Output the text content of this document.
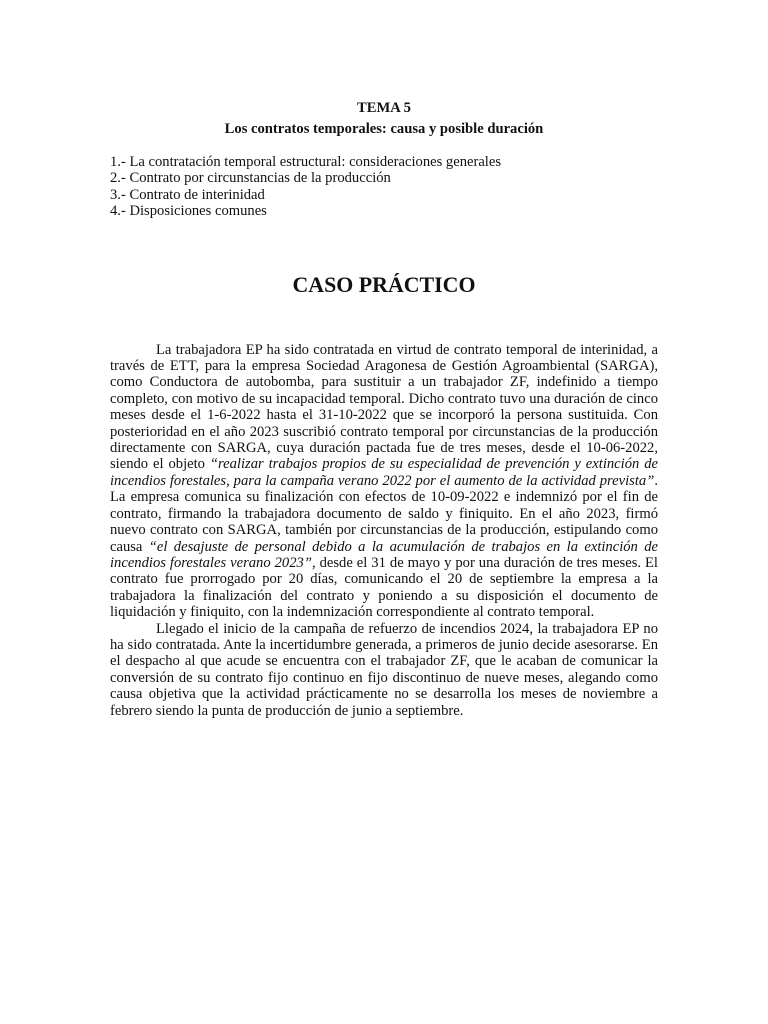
TEMA 5
Los contratos temporales: causa y posible duración
1.- La contratación temporal estructural: consideraciones generales
2.- Contrato por circunstancias de la producción
3.- Contrato de interinidad
4.- Disposiciones comunes
CASO PRÁCTICO

La trabajadora EP ha sido contratada en virtud de contrato temporal de interinidad, a través de ETT, para la empresa Sociedad Aragonesa de Gestión Agroambiental (SARGA), como Conductora de autobomba, para sustituir a un trabajador ZF, indefinido a tiempo completo, con motivo de su incapacidad temporal. Dicho contrato tuvo una duración de cinco meses desde el 1-6-2022 hasta el 31-10-2022 que se incorporó la persona sustituida. Con posterioridad en el año 2023 suscribió contrato temporal por circunstancias de la producción directamente con SARGA, cuya duración pactada fue de tres meses, desde el 10-06-2022, siendo el objeto “realizar trabajos propios de su especialidad de prevención y extinción de incendios forestales, para la campaña verano 2022 por el aumento de la actividad prevista”. La empresa comunica su finalización con efectos de 10-09-2022 e indemnizó por el fin de contrato, firmando la trabajadora documento de saldo y finiquito. En el año 2023, firmó nuevo contrato con SARGA, también por circunstancias de la producción, estipulando como causa “el desajuste de personal debido a la acumulación de trabajos en la extinción de incendios forestales verano 2023”, desde el 31 de mayo y por una duración de tres meses. El contrato fue prorrogado por 20 días, comunicando el 20 de septiembre la empresa a la trabajadora la finalización del contrato y poniendo a su disposición el documento de liquidación y finiquito, con la indemnización correspondiente al contrato temporal.

Llegado el inicio de la campaña de refuerzo de incendios 2024, la trabajadora EP no ha sido contratada. Ante la incertidumbre generada, a primeros de junio decide asesorarse. En el despacho al que acude se encuentra con el trabajador ZF, que le acaban de comunicar la conversión de su contrato fijo continuo en fijo discontinuo de nueve meses, alegando como causa objetiva que la actividad prácticamente no se desarrolla los meses de noviembre a febrero siendo la punta de producción de junio a septiembre.
